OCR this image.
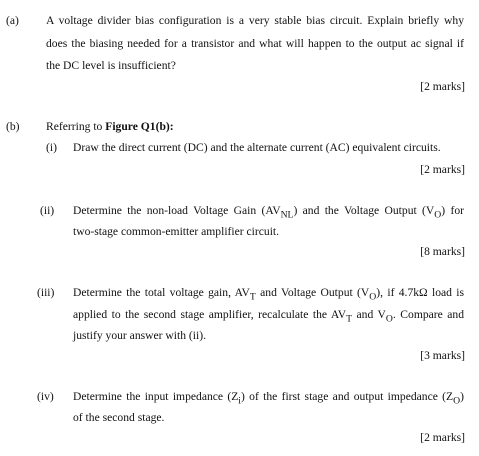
(a) A voltage divider bias configuration is a very stable bias circuit. Explain briefly why
does the biasing needed for a transistor and what will happen to the output ac signal if
the DC level is insufficient?
[2 marks]
(b) Referring to Figure Q1(b):
(i) Draw the direct current (DC) and the alternate current (AC) equivalent circuits.
[2 marks]
(ii) Determine the non-load Voltage Gain $(AV_{NL})$ and the Voltage Output $(V_O)$ for
two-stage common-emitter amplifier circuit.
[8 marks]
(iii) Determine the total voltage gain, $AV_T$ and Voltage Output $(V_O)$, if 4.7kΩ load is
applied to the second stage amplifier, recalculate the $AV_T$ and $V_O$. Compare and
justify your answer with (ii).
[3 marks]
(iv) Determine the input impedance $(Z_i)$ of the first stage and output impedance $(Z_O)$
of the second stage.
[2 marks]
